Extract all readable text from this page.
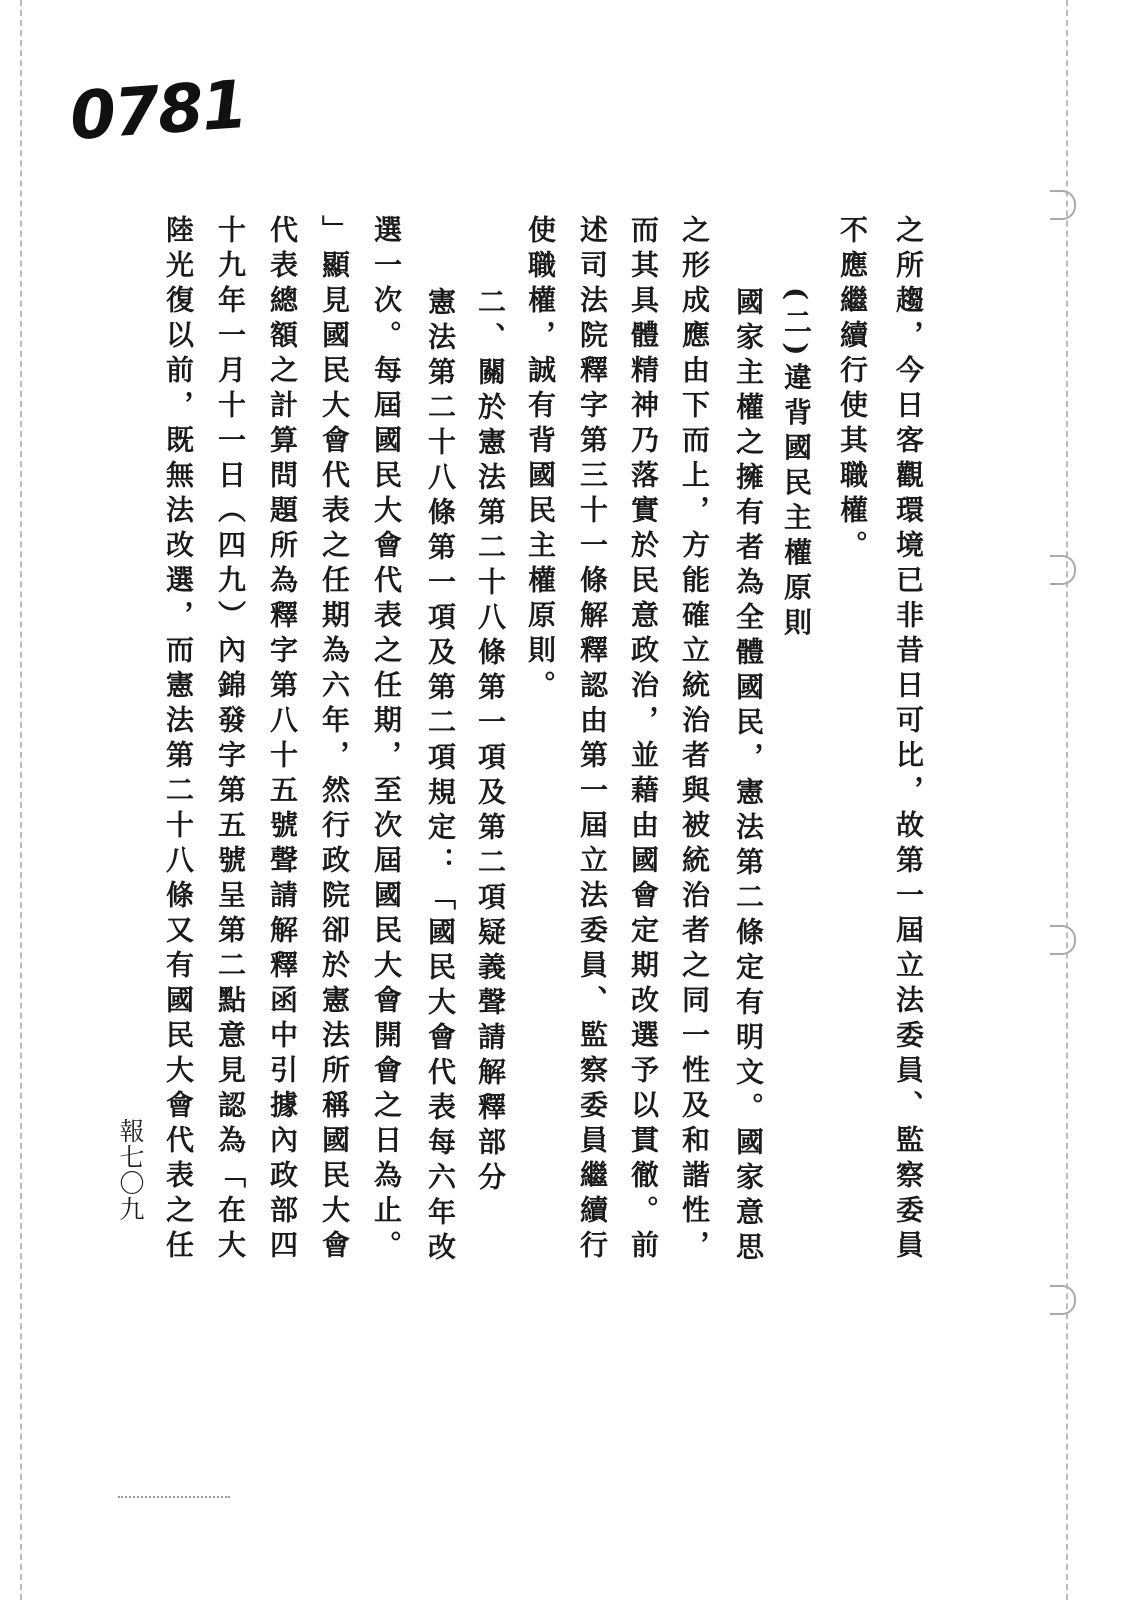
0781
之所趨，今日客觀環境已非昔日可比，故第一屆立法委員、監察委員
不應繼續行使其職權。
(二)違背國民主權原則
國家主權之擁有者為全體國民，憲法第二條定有明文。國家意思
之形成應由下而上，方能確立統治者與被統治者之同一性及和諧性，
而其具體精神乃落實於民意政治，並藉由國會定期改選予以貫徹。前
述司法院釋字第三十一條解釋認由第一屆立法委員、監察委員繼續行
使職權，誠有背國民主權原則。
二、關於憲法第二十八條第一項及第二項疑義聲請解釋部分
憲法第二十八條第一項及第二項規定：「國民大會代表每六年改
選一次。每屆國民大會代表之任期，至次屆國民大會開會之日為止。
」顯見國民大會代表之任期為六年，然行政院卻於憲法所稱國民大會
代表總額之計算問題所為釋字第八十五號聲請解釋函中引據內政部四
十九年一月十一日（四九）內錦發字第五號呈第二點意見認為「在大
陸光復以前，既無法改選，而憲法第二十八條又有國民大會代表之任
報七〇九
